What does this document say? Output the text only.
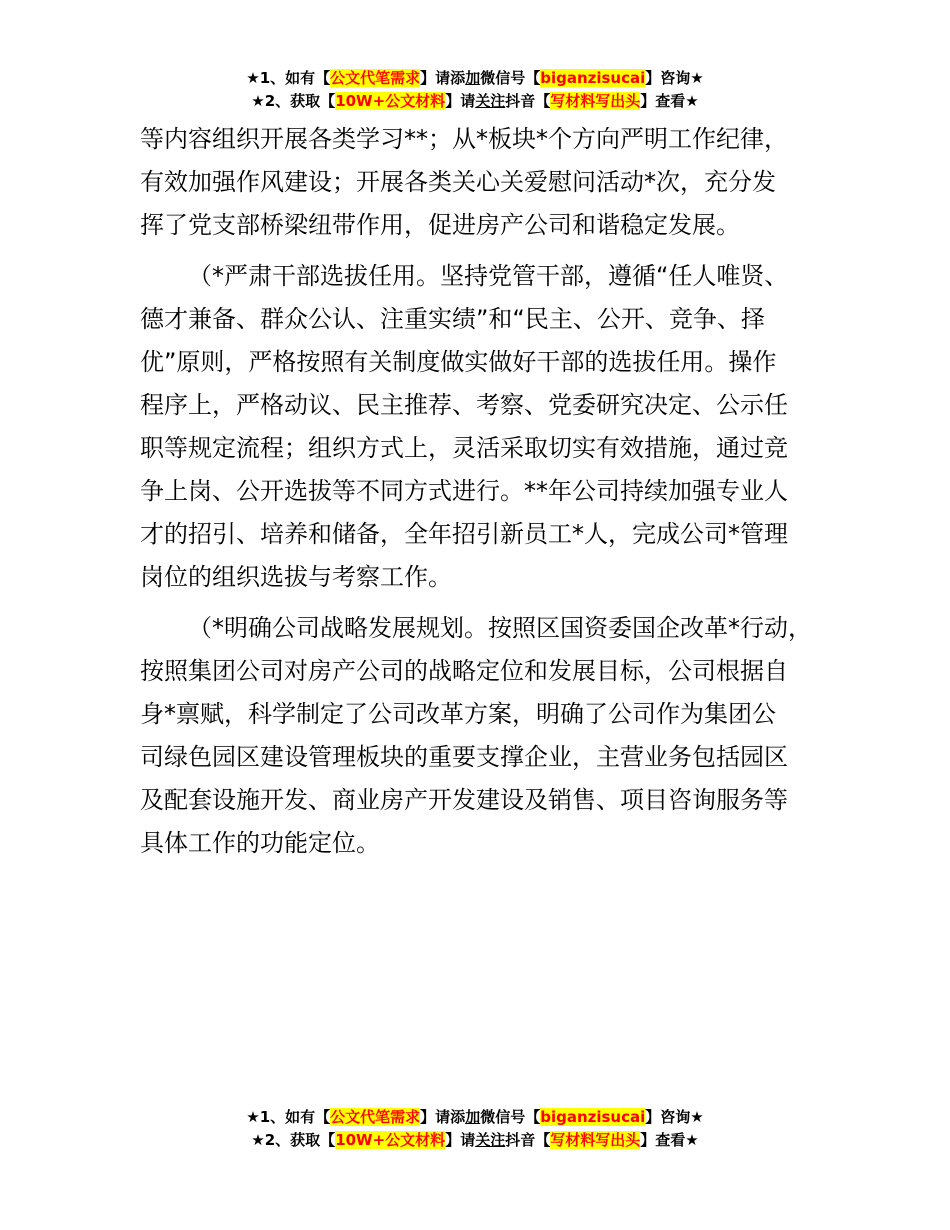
★1、如有【公文代笔需求】请添加微信号【biganzisucai】咨询★
★2、获取【10W+公文材料】请关注抖音【写材料写出头】查看★

等内容组织开展各类学习**；从*板块*个方向严明工作纪律，

有效加强作风建设；开展各类关心关爱慰问活动*次，充分发

挥了党支部桥梁纽带作用，促进房产公司和谐稳定发展。

（*严肃干部选拔任用。坚持党管干部，遵循“任人唯贤、

德才兼备、群众公认、注重实绩”和“民主、公开、竞争、择

优”原则，严格按照有关制度做实做好干部的选拔任用。操作

程序上，严格动议、民主推荐、考察、党委研究决定、公示任

职等规定流程；组织方式上，灵活采取切实有效措施，通过竞

争上岗、公开选拔等不同方式进行。**年公司持续加强专业人

才的招引、培养和储备，全年招引新员工*人，完成公司*管理

岗位的组织选拔与考察工作。

（*明确公司战略发展规划。按照区国资委国企改革*行动，

按照集团公司对房产公司的战略定位和发展目标，公司根据自

身*禀赋，科学制定了公司改革方案，明确了公司作为集团公

司绿色园区建设管理板块的重要支撑企业，主营业务包括园区

及配套设施开发、商业房产开发建设及销售、项目咨询服务等

具体工作的功能定位。

★1、如有【公文代笔需求】请添加微信号【biganzisucai】咨询★
★2、获取【10W+公文材料】请关注抖音【写材料写出头】查看★
